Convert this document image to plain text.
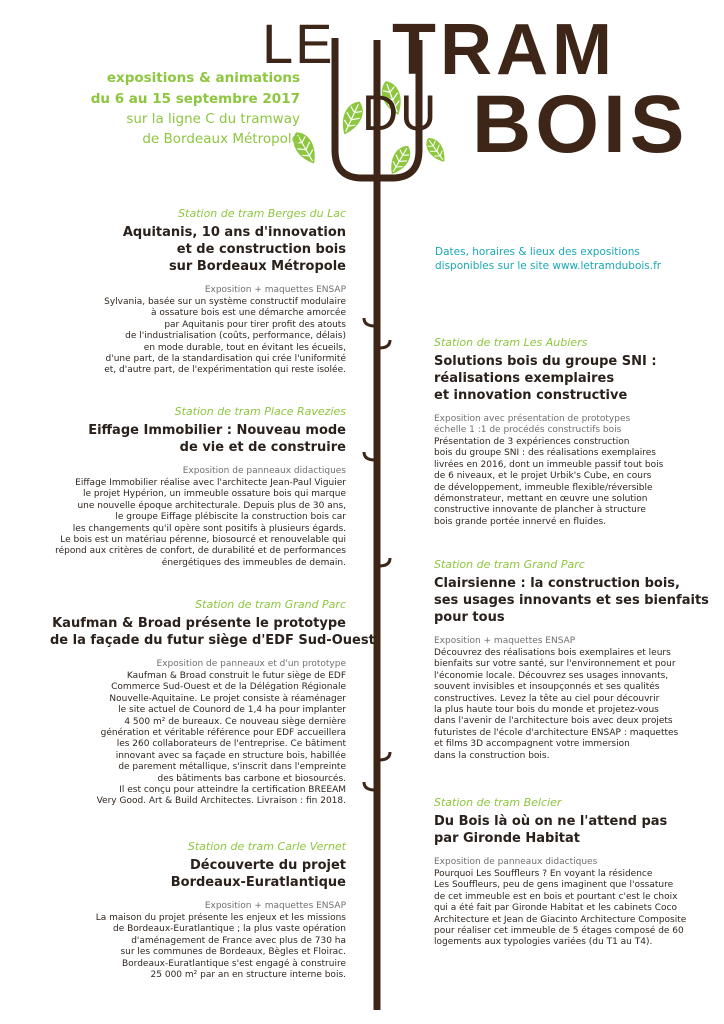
LE TRAM
DU BOIS
expositions & animations
du 6 au 15 septembre 2017
sur la ligne C du tramway
de Bordeaux Métropole
Dates, horaires & lieux des expositions
disponibles sur le site www.letramdubois.fr

Station de tram Berges du Lac

Aquitanis, 10 ans d'innovation
et de construction bois
sur Bordeaux Métropole

Exposition + maquettes ENSAP

Sylvania, basée sur un système constructif modulaire
à ossature bois est une démarche amorcée
par Aquitanis pour tirer profit des atouts
de l'industrialisation (coûts, performance, délais)
en mode durable, tout en évitant les écueils,
d'une part, de la standardisation qui crée l'uniformité
et, d'autre part, de l'expérimentation qui reste isolée.

Station de tram Place Ravezies

Eiffage Immobilier : Nouveau mode
de vie et de construire

Exposition de panneaux didactiques

Eiffage Immobilier réalise avec l'architecte Jean-Paul Viguier
le projet Hypérion, un immeuble ossature bois qui marque
une nouvelle époque architecturale. Depuis plus de 30 ans,
le groupe Eiffage plébiscite la construction bois car
les changements qu'il opère sont positifs à plusieurs égards.
Le bois est un matériau pérenne, biosourcé et renouvelable qui
répond aux critères de confort, de durabilité et de performances
énergétiques des immeubles de demain.

Station de tram Grand Parc

Kaufman & Broad présente le prototype
de la façade du futur siège d'EDF Sud-Ouest

Exposition de panneaux et d'un prototype

Kaufman & Broad construit le futur siège de EDF
Commerce Sud-Ouest et de la Délégation Régionale
Nouvelle-Aquitaine. Le projet consiste à réaménager
le site actuel de Counord de 1,4 ha pour implanter
4 500 m² de bureaux. Ce nouveau siège dernière
génération et véritable référence pour EDF accueillera
les 260 collaborateurs de l'entreprise. Ce bâtiment
innovant avec sa façade en structure bois, habillée
de parement métallique, s'inscrit dans l'empreinte
des bâtiments bas carbone et biosourcés.
Il est conçu pour atteindre la certification BREEAM
Very Good. Art & Build Architectes. Livraison : fin 2018.

Station de tram Carle Vernet

Découverte du projet
Bordeaux-Euratlantique

Exposition + maquettes ENSAP

La maison du projet présente les enjeux et les missions
de Bordeaux-Euratlantique ; la plus vaste opération
d'aménagement de France avec plus de 730 ha
sur les communes de Bordeaux, Bègles et Floirac.
Bordeaux-Euratlantique s'est engagé à construire
25 000 m² par an en structure interne bois.

Station de tram Les Aubiers

Solutions bois du groupe SNI :
réalisations exemplaires
et innovation constructive

Exposition avec présentation de prototypes
échelle 1 :1 de procédés constructifs bois

Présentation de 3 expériences construction
bois du groupe SNI : des réalisations exemplaires
livrées en 2016, dont un immeuble passif tout bois
de 6 niveaux, et le projet Urbik's Cube, en cours
de développement, immeuble flexible/réversible
démonstrateur, mettant en œuvre une solution
constructive innovante de plancher à structure
bois grande portée innervé en fluides.

Station de tram Grand Parc

Clairsienne : la construction bois,
ses usages innovants et ses bienfaits
pour tous

Exposition + maquettes ENSAP

Découvrez des réalisations bois exemplaires et leurs
bienfaits sur votre santé, sur l'environnement et pour
l'économie locale. Découvrez ses usages innovants,
souvent invisibles et insoupçonnés et ses qualités
constructives. Levez la tête au ciel pour découvrir
la plus haute tour bois du monde et projetez-vous
dans l'avenir de l'architecture bois avec deux projets
futuristes de l'école d'architecture ENSAP : maquettes
et films 3D accompagnent votre immersion
dans la construction bois.

Station de tram Belcier

Du Bois là où on ne l'attend pas
par Gironde Habitat

Exposition de panneaux didactiques

Pourquoi Les Souffleurs ? En voyant la résidence
Les Souffleurs, peu de gens imaginent que l'ossature
de cet immeuble est en bois et pourtant c'est le choix
qui a été fait par Gironde Habitat et les cabinets Coco
Architecture et Jean de Giacinto Architecture Composite
pour réaliser cet immeuble de 5 étages composé de 60
logements aux typologies variées (du T1 au T4).
